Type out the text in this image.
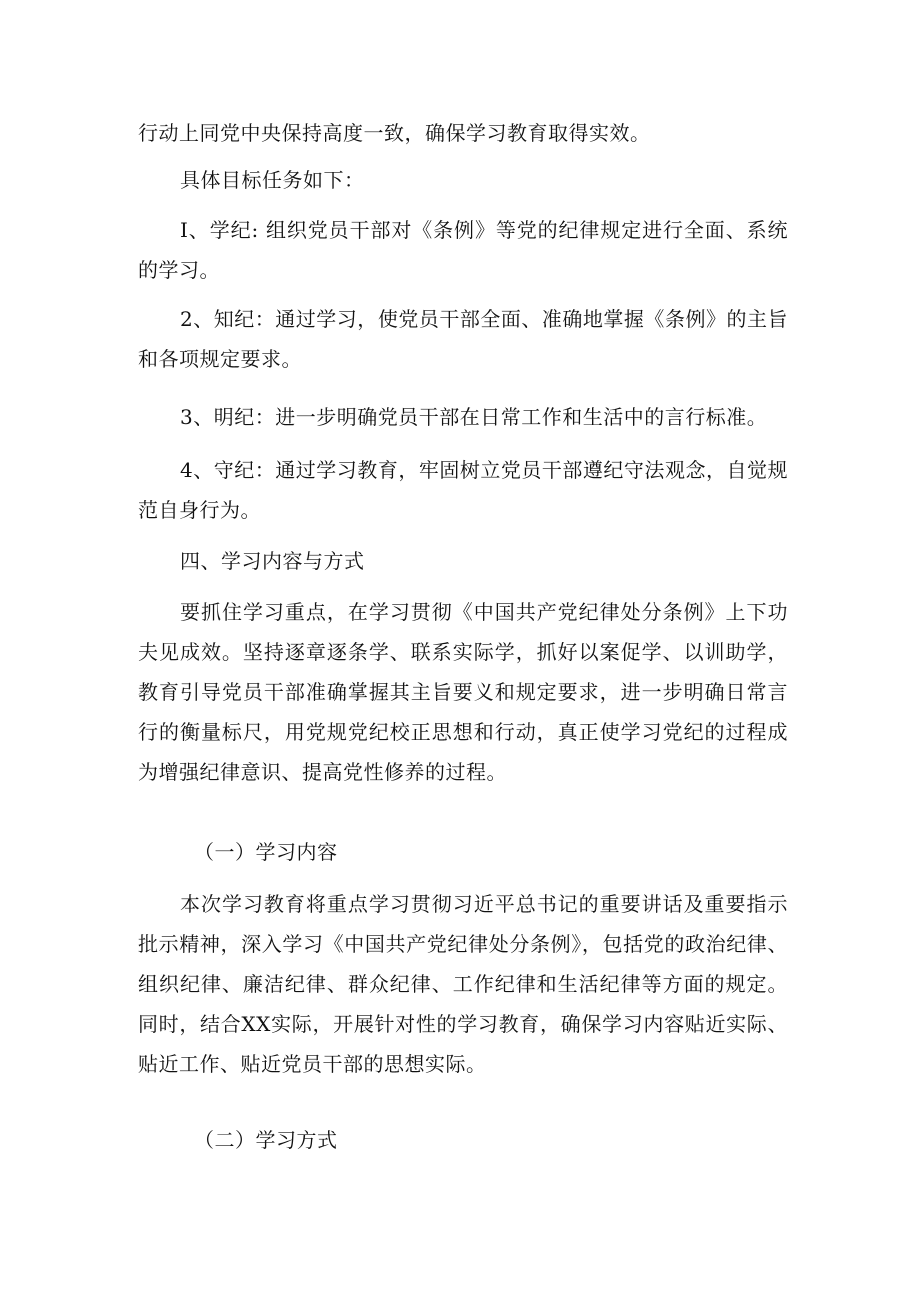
行动上同党中央保持高度一致，确保学习教育取得实效。

具体目标任务如下：

I、学纪: 组织党员干部对《条例》等党的纪律规定进行全面、系统的学习。

2、知纪：通过学习，使党员干部全面、准确地掌握《条例》的主旨和各项规定要求。

3、明纪：进一步明确党员干部在日常工作和生活中的言行标准。

4、守纪：通过学习教育，牢固树立党员干部遵纪守法观念，自觉规范自身行为。

四、学习内容与方式

要抓住学习重点，在学习贯彻《中国共产党纪律处分条例》上下功夫见成效。坚持逐章逐条学、联系实际学，抓好以案促学、以训助学，教育引导党员干部准确掌握其主旨要义和规定要求，进一步明确日常言行的衡量标尺，用党规党纪校正思想和行动，真正使学习党纪的过程成为增强纪律意识、提高党性修养的过程。

（一）学习内容

本次学习教育将重点学习贯彻习近平总书记的重要讲话及重要指示批示精神，深入学习《中国共产党纪律处分条例》，包括党的政治纪律、组织纪律、廉洁纪律、群众纪律、工作纪律和生活纪律等方面的规定。同时，结合XX实际，开展针对性的学习教育，确保学习内容贴近实际、贴近工作、贴近党员干部的思想实际。

（二）学习方式
